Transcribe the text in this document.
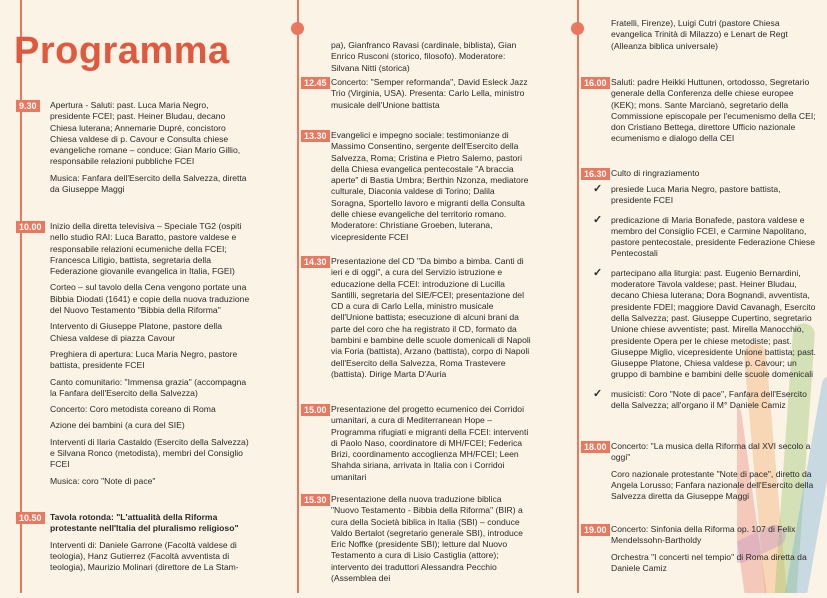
Programma
9.30	Apertura - Saluti: past. Luca Maria Negro, presidente FCEI; past. Heiner Bludau, decano Chiesa luterana; Annemarie Dupré, concistoro Chiesa valdese di p. Cavour e Consulta chiese evangeliche romane – conduce: Gian Mario Gillio, responsabile relazioni pubbliche FCEI

Musica: Fanfara dell'Esercito della Salvezza, diretta da Giuseppe Maggi

10.00 Inizio della diretta televisiva – Speciale TG2 (ospiti nello studio RAI: Luca Baratto, pastore valdese e responsabile relazioni ecumeniche della FCEI; Francesca Litigio, battista, segretaria della Federazione giovanile evangelica in Italia, FGEI)

Corteo – sul tavolo della Cena vengono portate una Bibbia Diodati (1641) e copie della nuova traduzione del Nuovo Testamento "Bibbia della Riforma"

Intervento di Giuseppe Platone, pastore della Chiesa valdese di piazza Cavour

Preghiera di apertura: Luca Maria Negro, pastore battista, presidente FCEI

Canto comunitario: "Immensa grazia" (accompagna la Fanfara dell'Esercito della Salvezza)

Concerto: Coro metodista coreano di Roma

Azione dei bambini (a cura del SIE)

Interventi di Ilaria Castaldo (Esercito della Salvezza) e Silvana Ronco (metodista), membri del Consiglio FCEI

Musica: coro "Note di pace"

10.50 Tavola rotonda: "L'attualità della Riforma protestante nell'Italia del pluralismo religioso"

Interventi di: Daniele Garrone (Facoltà valdese di teologia), Hanz Gutierrez (Facoltà avventista di teologia), Maurizio Molinari (direttore de La Stam-

pa), Gianfranco Ravasi (cardinale, biblista), Gian Enrico Rusconi (storico, filosofo). Moderatore: Silvana Nitti (storica)

12.45 Concerto: "Semper reformanda", David Esleck Jazz Trio (Virginia, USA). Presenta: Carlo Lella, ministro musicale dell'Unione battista

13.30 Evangelici e impegno sociale: testimonianze di Massimo Consentino, sergente dell'Esercito della Salvezza, Roma; Cristina e Pietro Salerno, pastori della Chiesa evangelica pentecostale "A braccia aperte" di Bastia Umbra; Berthin Nzonza, mediatore culturale, Diaconia valdese di Torino; Dalila Soragna, Sportello lavoro e migranti della Consulta delle chiese evangeliche del territorio romano. Moderatore: Christiane Groeben, luterana, vicepresidente FCEI

14.30 Presentazione del CD "Da bimbo a bimba. Canti di ieri e di oggi", a cura del Servizio istruzione e educazione della FCEI: introduzione di Lucilla Santilli, segretaria del SIE/FCEI; presentazione del CD a cura di Carlo Lella, ministro musicale dell'Unione battista; esecuzione di alcuni brani da parte del coro che ha registrato il CD, formato da bambini e bambine delle scuole domenicali di Napoli via Foria (battista), Arzano (battista), corpo di Napoli dell'Esercito della Salvezza, Roma Trastevere (battista). Dirige Marta D'Auria

15.00 Presentazione del progetto ecumenico dei Corridoi umanitari, a cura di Mediterranean Hope – Programma rifugiati e migranti della FCEI: interventi di Paolo Naso, coordinatore di MH/FCEI; Federica Brizi, coordinamento accoglienza MH/FCEI; Leen Shahda siriana, arrivata in Italia con i Corridoi umanitari

15.30 Presentazione della nuova traduzione biblica "Nuovo Testamento - Bibbia della Riforma" (BIR) a cura della Società biblica in Italia (SBI) – conduce Valdo Bertalot (segretario generale SBI), introduce Eric Noffke (presidente SBI); letture dal Nuovo Testamento a cura di Lisio Castiglia (attore); intervento dei traduttori Alessandra Pecchio (Assemblea dei

Fratelli, Firenze), Luigi Cutri (pastore Chiesa evangelica Trinità di Milazzo) e Lenart de Regt (Alleanza biblica universale)

16.00 Saluti: padre Heikki Huttunen, ortodosso, Segretario generale della Conferenza delle chiese europee (KEK); mons. Sante Marcianò, segretario della Commissione episcopale per l'ecumenismo della CEI; don Cristiano Bettega, direttore Ufficio nazionale ecumenismo e dialogo della CEI

16.30 Culto di ringraziamento

✓	presiede Luca Maria Negro, pastore battista, presidente FCEI
✓	predicazione di Maria Bonafede, pastora valdese e membro del Consiglio FCEI, e Carmine Napolitano, pastore pentecostale, presidente Federazione Chiese Pentecostali
✓	partecipano alla liturgia: past. Eugenio Bernardini, moderatore Tavola valdese; past. Heiner Bludau, decano Chiesa luterana; Dora Bognandi, avventista, presidente FDEI; maggiore David Cavanagh, Esercito della Salvezza; past. Giuseppe Cupertino, segretario Unione chiese avventiste; past. Mirella Manocchio, presidente Opera per le chiese metodiste; past. Giuseppe Miglio, vicepresidente Unione battista; past. Giuseppe Platone, Chiesa valdese p. Cavour; un gruppo di bambine e bambini delle scuole domenicali
✓	musicisti: Coro "Note di pace", Fanfara dell'Esercito della Salvezza; all'organo il M° Daniele Camiz
18.00 Concerto: "La musica della Riforma dal XVI secolo a oggi"

Coro nazionale protestante "Note di pace", diretto da Angela Lorusso; Fanfara nazionale dell'Esercito della Salvezza diretta da Giuseppe Maggi

19.00 Concerto: Sinfonia della Riforma op. 107 di Felix Mendelssohn-Bartholdy

Orchestra "I concerti nel tempio" di Roma diretta da Daniele Camiz
